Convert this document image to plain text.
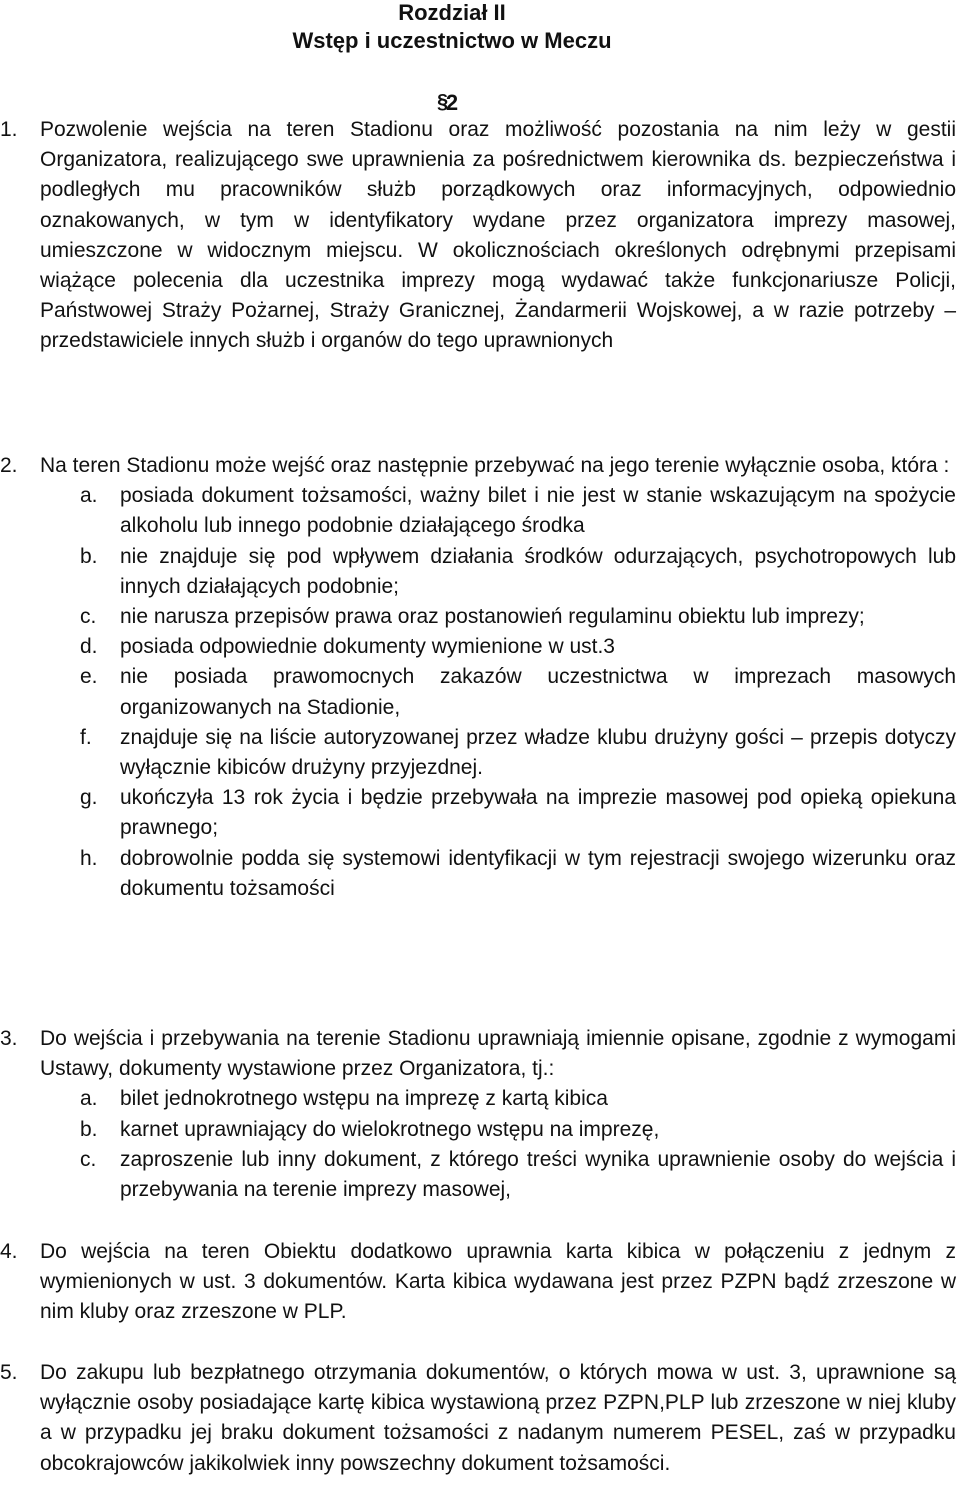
Rozdział II
Wstęp i uczestnictwo w Meczu
§
2
1.	Pozwolenie wejścia na teren Stadionu oraz możliwość pozostania na nim leży w gestii Organizatora, realizującego swe uprawnienia za pośrednictwem kierownika ds. bezpieczeństwa i podległych mu pracowników służb porządkowych oraz informacyjnych, odpowiednio oznakowanych, w tym w identyfikatory wydane przez organizatora imprezy masowej, umieszczone w widocznym miejscu. W okolicznościach określonych odrębnymi przepisami wiążące polecenia dla uczestnika imprezy mogą wydawać także funkcjonariusze Policji, Państwowej Straży Pożarnej, Straży Granicznej, Żandarmerii Wojskowej, a w razie potrzeby – przedstawiciele innych służb i organów do tego uprawnionych
2.	Na teren Stadionu może wejść oraz następnie przebywać na jego terenie wyłącznie osoba, która :
a.	posiada dokument tożsamości, ważny bilet i nie jest w stanie wskazującym na spożycie alkoholu lub innego podobnie działającego środka
b.	nie znajduje się pod wpływem działania środków odurzających, psychotropowych lub innych działających podobnie;
c.	nie narusza przepisów prawa oraz postanowień regulaminu obiektu lub imprezy;
d.	posiada odpowiednie dokumenty wymienione w ust.3
e.	nie posiada prawomocnych zakazów uczestnictwa w imprezach masowych organizowanych na Stadionie,
f.	znajduje się na liście autoryzowanej przez władze klubu drużyny gości – przepis dotyczy wyłącznie kibiców drużyny przyjezdnej.
g.	ukończyła 13 rok życia i będzie przebywała na imprezie masowej pod opieką opiekuna prawnego;
h.	dobrowolnie podda się systemowi identyfikacji w tym rejestracji swojego wizerunku oraz dokumentu tożsamości
3.	Do wejścia i przebywania na terenie Stadionu uprawniają imiennie opisane, zgodnie z wymogami Ustawy, dokumenty wystawione przez Organizatora, tj.:
a.	bilet jednokrotnego wstępu na imprezę z kartą kibica
b.	karnet uprawniający do wielokrotnego wstępu na imprezę,
c.	zaproszenie lub inny dokument, z którego treści wynika uprawnienie osoby do wejścia i przebywania na terenie imprezy masowej,
4.	Do wejścia na teren Obiektu dodatkowo uprawnia karta kibica w połączeniu z jednym z wymienionych w ust. 3 dokumentów. Karta kibica wydawana jest przez PZPN bądź zrzeszone w nim kluby oraz zrzeszone w PLP.
5.	Do zakupu lub bezpłatnego otrzymania dokumentów, o których mowa w ust. 3, uprawnione są wyłącznie osoby posiadające kartę kibica wystawioną przez PZPN,PLP lub zrzeszone w niej kluby a w przypadku jej braku dokument tożsamości z nadanym numerem PESEL, zaś w przypadku obcokrajowców jakikolwiek inny powszechny dokument tożsamości.
